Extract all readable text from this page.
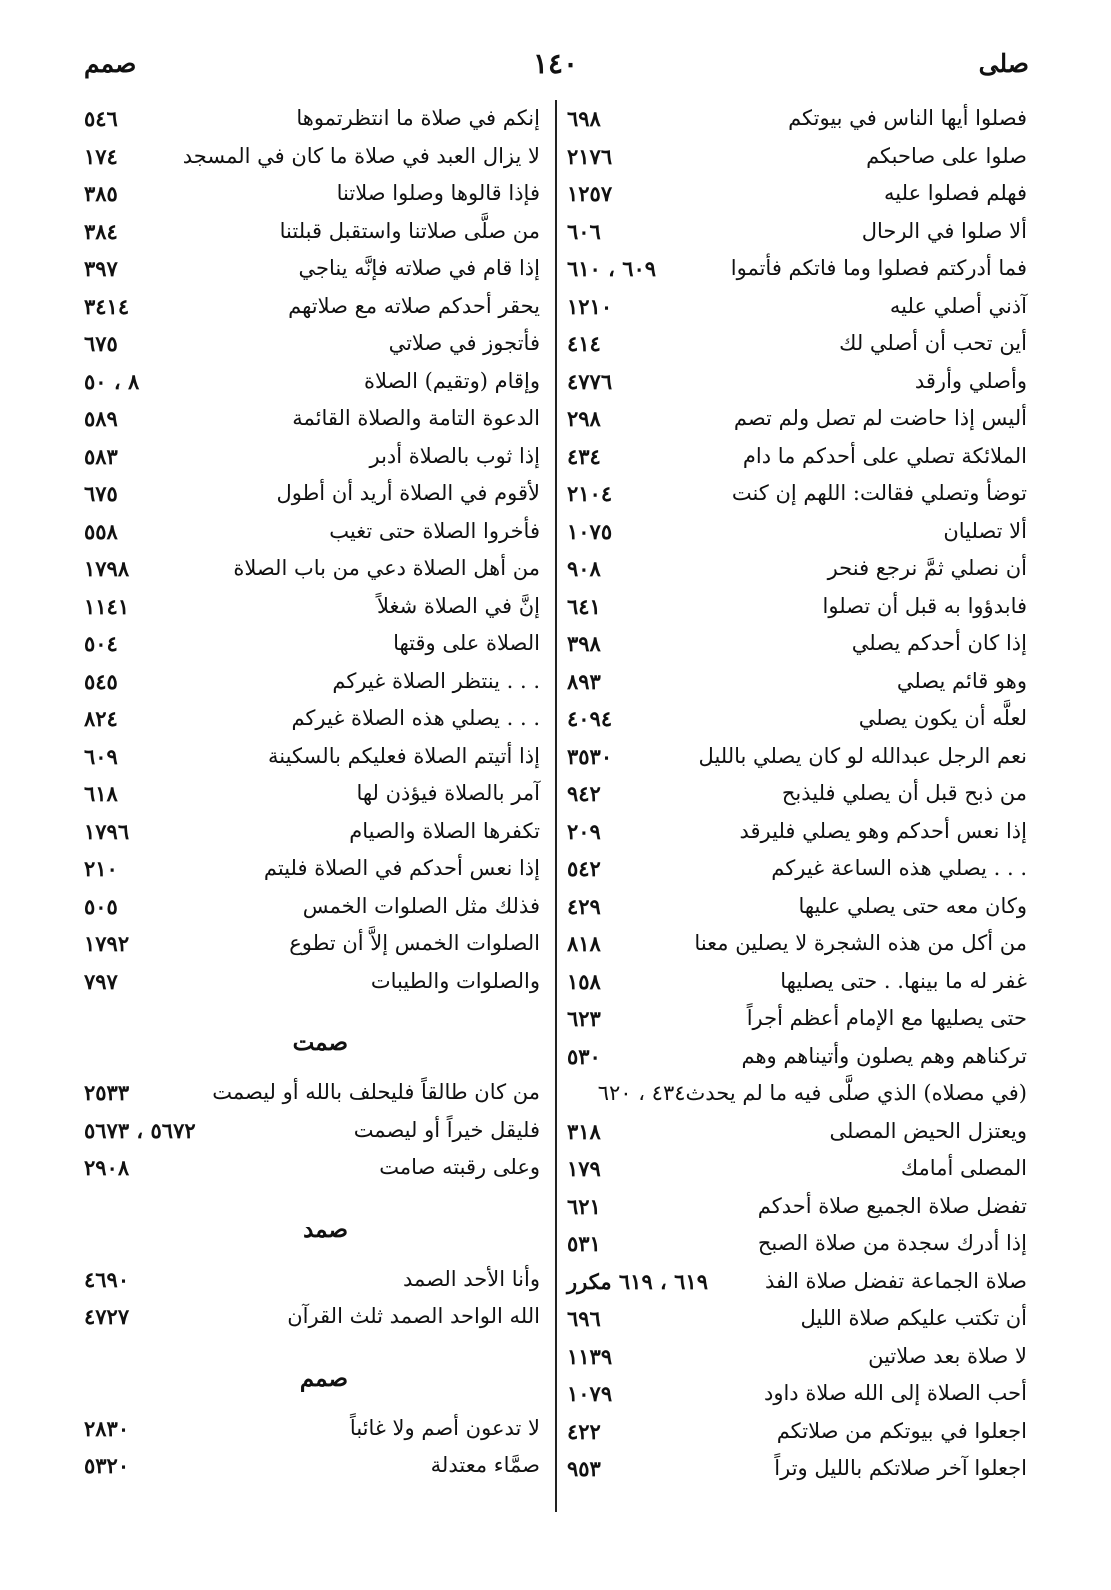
صلى
١٤٠
صمم
فصلوا أيها الناس في بيوتكم
٦٩٨
صلوا على صاحبكم
٢١٧٦
فهلم فصلوا عليه
١٢٥٧
ألا صلوا في الرحال
٦٠٦
فما أدركتم فصلوا وما فاتكم فأتموا
٦٠٩ ، ٦١٠
آذني أصلي عليه
١٢١٠
أين تحب أن أصلي لك
٤١٤
وأصلي وأرقد
٤٧٧٦
أليس إذا حاضت لم تصل ولم تصم
٢٩٨
الملائكة تصلي على أحدكم ما دام
٤٣٤
توضأ وتصلي فقالت: اللهم إن كنت
٢١٠٤
ألا تصليان
١٠٧٥
أن نصلي ثمَّ نرجع فنحر
٩٠٨
فابدؤوا به قبل أن تصلوا
٦٤١
إذا كان أحدكم يصلي
٣٩٨
وهو قائم يصلي
٨٩٣
لعلَّه أن يكون يصلي
٤٠٩٤
نعم الرجل عبدالله لو كان يصلي بالليل
٣٥٣٠
من ذبح قبل أن يصلي فليذبح
٩٤٢
إذا نعس أحدكم وهو يصلي فليرقد
٢٠٩
. . . يصلي هذه الساعة غيركم
٥٤٢
وكان معه حتى يصلي عليها
٤٢٩
من أكل من هذه الشجرة لا يصلين معنا
٨١٨
غفر له ما بينها. . حتى يصليها
١٥٨
حتى يصليها مع الإمام أعظم أجراً
٦٢٣
تركناهم وهم يصلون وأتيناهم وهم
٥٣٠
(في مصلاه) الذي صلَّى فيه ما لم يحدث٤٣٤ ، ٦٢٠
ويعتزل الحيض المصلى
٣١٨
المصلى أمامك
١٧٩
تفضل صلاة الجميع صلاة أحدكم
٦٢١
إذا أدرك سجدة من صلاة الصبح
٥٣١
صلاة الجماعة تفضل صلاة الفذ
٦١٩ ، ٦١٩ مكرر
أن تكتب عليكم صلاة الليل
٦٩٦
لا صلاة بعد صلاتين
١١٣٩
أحب الصلاة إلى الله صلاة داود
١٠٧٩
اجعلوا في بيوتكم من صلاتكم
٤٢٢
اجعلوا آخر صلاتكم بالليل وتراً
٩٥٣
إنكم في صلاة ما انتظرتموها
٥٤٦
لا يزال العبد في صلاة ما كان في المسجد
١٧٤
فإذا قالوها وصلوا صلاتنا
٣٨٥
من صلَّى صلاتنا واستقبل قبلتنا
٣٨٤
إذا قام في صلاته فإنَّه يناجي
٣٩٧
يحقر أحدكم صلاته مع صلاتهم
٣٤١٤
فأتجوز في صلاتي
٦٧٥
وإقام (وتقيم) الصلاة
٨ ، ٥٠
الدعوة التامة والصلاة القائمة
٥٨٩
إذا ثوب بالصلاة أدبر
٥٨٣
لأقوم في الصلاة أريد أن أطول
٦٧٥
فأخروا الصلاة حتى تغيب
٥٥٨
من أهل الصلاة دعي من باب الصلاة
١٧٩٨
إنَّ في الصلاة شغلاً
١١٤١
الصلاة على وقتها
٥٠٤
. . . ينتظر الصلاة غيركم
٥٤٥
. . . يصلي هذه الصلاة غيركم
٨٢٤
إذا أتيتم الصلاة فعليكم بالسكينة
٦٠٩
آمر بالصلاة فيؤذن لها
٦١٨
تكفرها الصلاة والصيام
١٧٩٦
إذا نعس أحدكم في الصلاة فليتم
٢١٠
فذلك مثل الصلوات الخمس
٥٠٥
الصلوات الخمس إلاَّ أن تطوع
١٧٩٢
والصلوات والطيبات
٧٩٧
صمت
من كان طالقاً فليحلف بالله أو ليصمت
٢٥٣٣
فليقل خيراً أو ليصمت
٥٦٧٢ ، ٥٦٧٣
وعلى رقبته صامت
٢٩٠٨
صمد
وأنا الأحد الصمد
٤٦٩٠
الله الواحد الصمد ثلث القرآن
٤٧٢٧
صمم
لا تدعون أصم ولا غائباً
٢٨٣٠
صمَّاء معتدلة
٥٣٢٠
